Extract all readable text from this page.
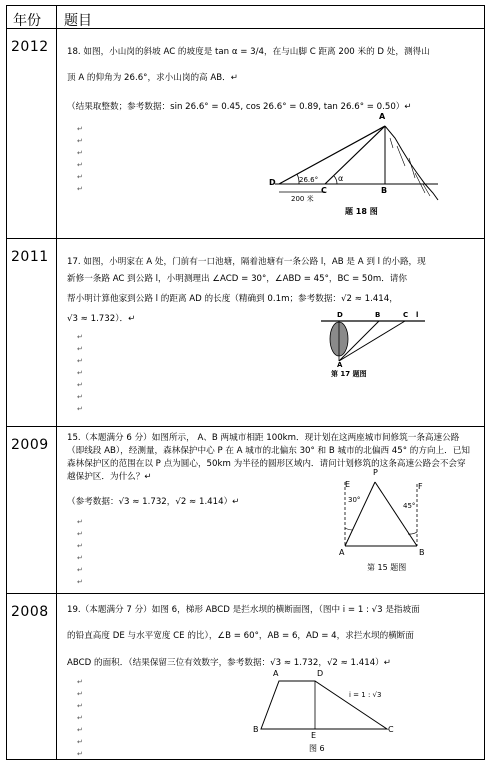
年份 题目
2012 18. 如图，小山岗的斜坡 AC 的坡度是 tan α = 3/4，在与山脚 C 距离 200 米的 D 处，测得山
顶 A 的仰角为 26.6°，求小山岗的高 AB．↵
（结果取整数；参考数据：sin 26.6° = 0.45, cos 26.6° = 0.89, tan 26.6° = 0.50）↵
↵
↵
↵
↵
↵
↵
A
B
C
D	26.6° α
200 米
题 18 图
2011 17. 如图，小明家在 A 处，门前有一口池塘，隔着池塘有一条公路 l，AB 是 A 到 l 的小路，现
新修一条路 AC 到公路 l，小明测理出 ∠ACD = 30°，∠ABD = 45°，BC = 50m．请你
帮小明计算他家到公路 l 的距离 AD 的长度（精确到 0.1m；参考数据：√2 ≈ 1.414，
√3 ≈ 1.732）．↵
↵
↵
↵
↵
↵
↵
↵
D	B	C l
A
第 17 题图
2009 15.（本题满分 6 分）如图所示， A、B 两城市相距 100km．现计划在这两座城市间修筑一条高速公路（即线段 AB），经测量，森林保护中心 P 在 A 城市的北偏东 30° 和 B 城市的北偏西 45° 的方向上．已知森林保护区的范围在以 P 点为圆心，50km 为半径的圆形区域内．请问计划修筑的这条高速公路会不会穿越保护区．为什么？↵
（参考数据：√3 ≈ 1.732，√2 ≈ 1.414）↵
↵
↵
↵
↵
↵
↵
E	F
P
A	B
30°
45°
第 15 题图
2008 19.（本题满分 7 分）如图 6，梯形 ABCD 是拦水坝的横断面图，（图中 i = 1 : √3 是指坡面
的铅直高度 DE 与水平宽度 CE 的比），∠B = 60°，AB = 6，AD = 4，求拦水坝的横断面
ABCD 的面积．（结果保留三位有效数字，参考数据：√3 ≈ 1.732，√2 ≈ 1.414）↵
↵
↵
↵
↵
↵
↵
↵
A	D
B	C
E
i = 1 : √3
图 6
